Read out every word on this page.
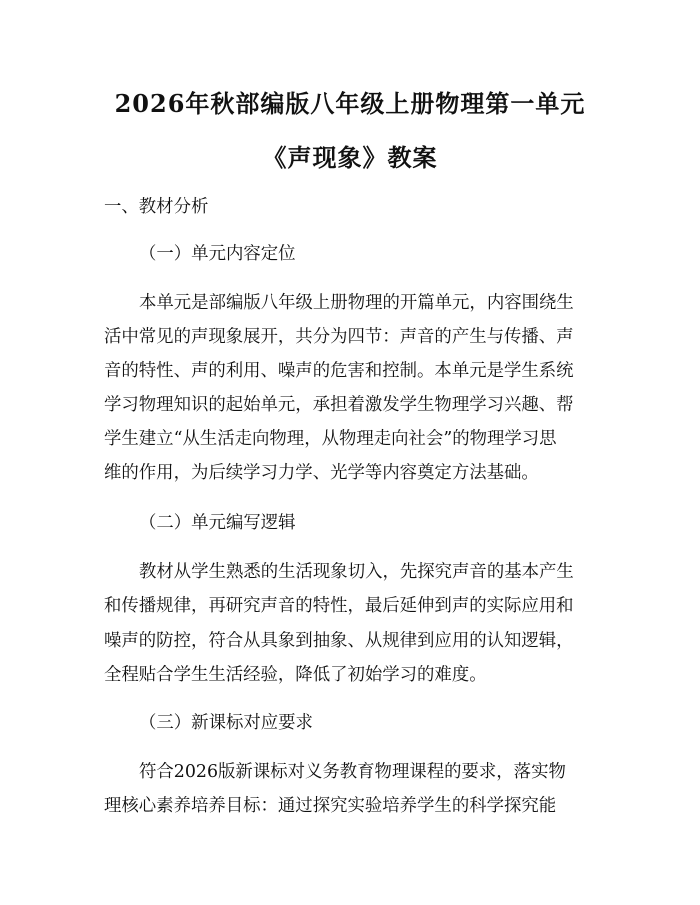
2026年秋部编版八年级上册物理第一单元
《声现象》教案

一、教材分析

（一）单元内容定位

本单元是部编版八年级上册物理的开篇单元，内容围绕生

活中常见的声现象展开，共分为四节：声音的产生与传播、声

音的特性、声的利用、噪声的危害和控制。本单元是学生系统

学习物理知识的起始单元，承担着激发学生物理学习兴趣、帮

学生建立“从生活走向物理，从物理走向社会”的物理学习思

维的作用，为后续学习力学、光学等内容奠定方法基础。

（二）单元编写逻辑

教材从学生熟悉的生活现象切入，先探究声音的基本产生

和传播规律，再研究声音的特性，最后延伸到声的实际应用和

噪声的防控，符合从具象到抽象、从规律到应用的认知逻辑，

全程贴合学生生活经验，降低了初始学习的难度。

（三）新课标对应要求

符合2026版新课标对义务教育物理课程的要求，落实物

理核心素养培养目标：通过探究实验培养学生的科学探究能
